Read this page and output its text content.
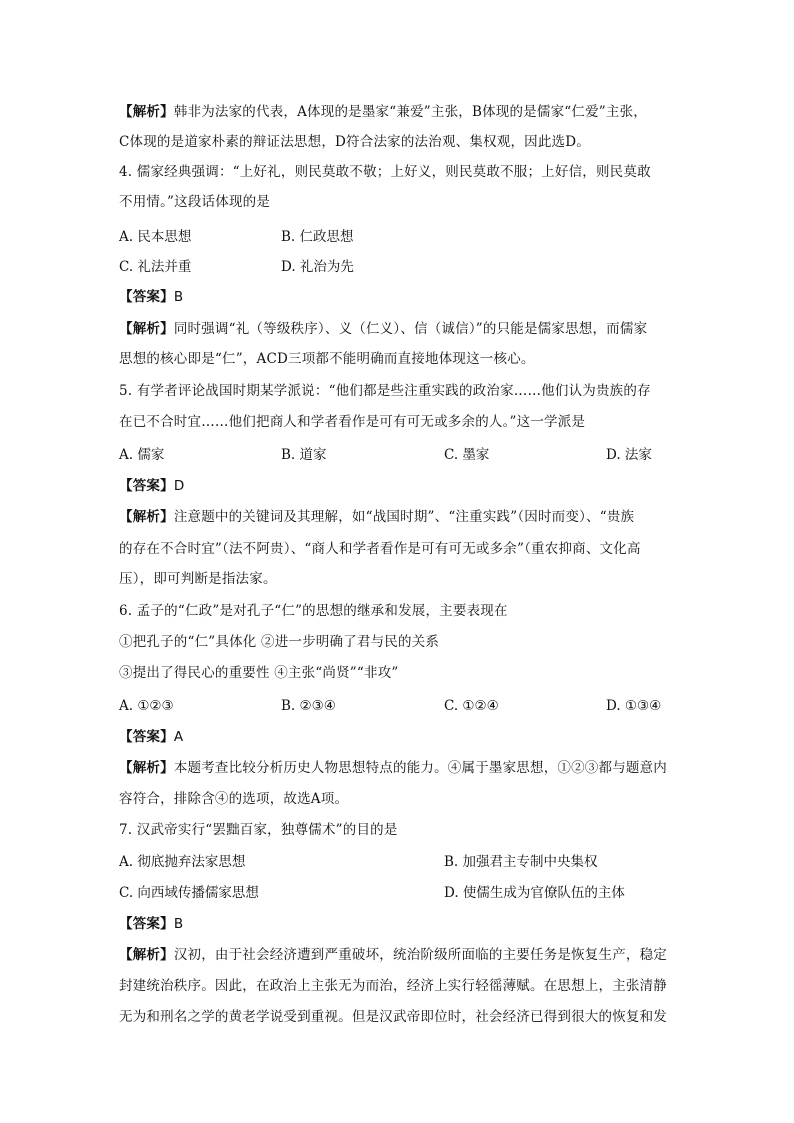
【解析】韩非为法家的代表，A体现的是墨家“兼爱”主张，B体现的是儒家“仁爱”主张，
C体现的是道家朴素的辩证法思想，D符合法家的法治观、集权观，因此选D。
4. 儒家经典强调：“上好礼，则民莫敢不敬；上好义，则民莫敢不服；上好信，则民莫敢
不用情。”这段话体现的是
A. 民本思想	B. 仁政思想
C. 礼法并重	D. 礼治为先
【答案】B
【解析】同时强调“礼（等级秩序）、义（仁义）、信（诚信）”的只能是儒家思想，而儒家
思想的核心即是“仁”，ACD三项都不能明确而直接地体现这一核心。
5. 有学者评论战国时期某学派说：“他们都是些注重实践的政治家……他们认为贵族的存
在已不合时宜……他们把商人和学者看作是可有可无或多余的人。”这一学派是
A. 儒家	B. 道家	C. 墨家	D. 法家
【答案】D
【解析】注意题中的关键词及其理解，如“战国时期”、“注重实践”（因时而变）、“贵族
的存在不合时宜”（法不阿贵）、“商人和学者看作是可有可无或多余”（重农抑商、文化高
压），即可判断是指法家。
6. 孟子的“仁政”是对孔子“仁”的思想的继承和发展，主要表现在
①把孔子的“仁”具体化 ②进一步明确了君与民的关系
③提出了得民心的重要性 ④主张“尚贤”“非攻”
A. ①②③	B. ②③④	C. ①②④	D. ①③④
【答案】A
【解析】本题考查比较分析历史人物思想特点的能力。④属于墨家思想，①②③都与题意内
容符合，排除含④的选项，故选A项。
7. 汉武帝实行“罢黜百家，独尊儒术”的目的是
A. 彻底抛弃法家思想	B. 加强君主专制中央集权
C. 向西域传播儒家思想	D. 使儒生成为官僚队伍的主体
【答案】B
【解析】汉初，由于社会经济遭到严重破坏，统治阶级所面临的主要任务是恢复生产，稳定
封建统治秩序。因此，在政治上主张无为而治，经济上实行轻徭薄赋。在思想上，主张清静
无为和刑名之学的黄老学说受到重视。但是汉武帝即位时，社会经济已得到很大的恢复和发
